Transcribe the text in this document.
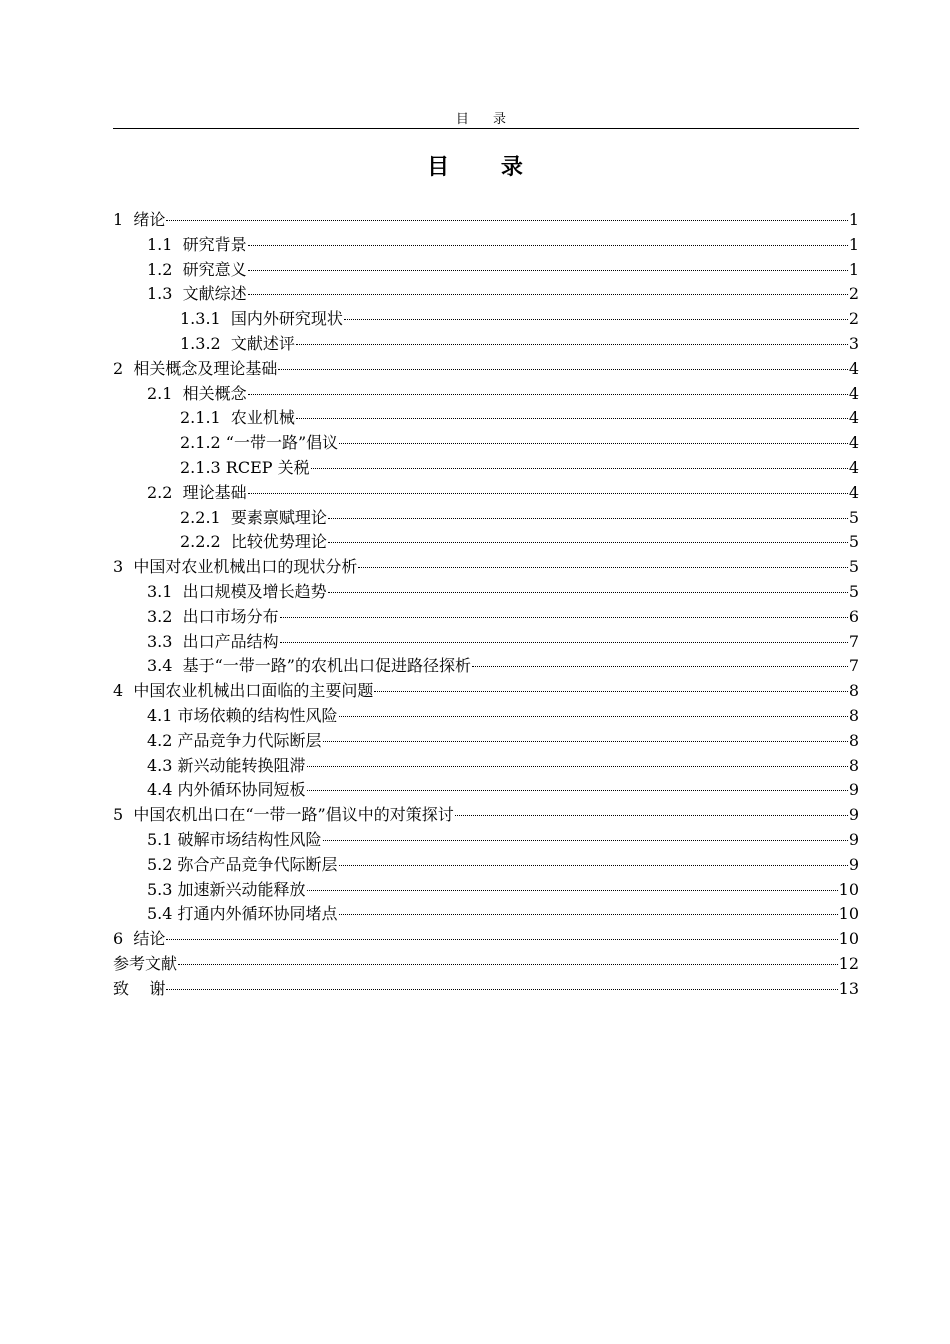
目 录
目 录
1  绪论	1
1.1  研究背景	1
1.2  研究意义	1
1.3  文献综述	2
1.3.1  国内外研究现状	2
1.3.2  文献述评	3
2  相关概念及理论基础	4
2.1  相关概念	4
2.1.1  农业机械	4
2.1.2 “一带一路”倡议	4
2.1.3 RCEP 关税	4
2.2  理论基础	4
2.2.1  要素禀赋理论	5
2.2.2  比较优势理论	5
3  中国对农业机械出口的现状分析	5
3.1  出口规模及增长趋势	5
3.2  出口市场分布	6
3.3  出口产品结构	7
3.4  基于“一带一路”的农机出口促进路径探析	7
4  中国农业机械出口面临的主要问题	8
4.1 市场依赖的结构性风险	8
4.2 产品竞争力代际断层	8
4.3 新兴动能转换阻滞	8
4.4 内外循环协同短板	9
5  中国农机出口在“一带一路”倡议中的对策探讨	9
5.1 破解市场结构性风险	9
5.2 弥合产品竞争代际断层	9
5.3 加速新兴动能释放	10
5.4 打通内外循环协同堵点	10
6  结论	10
参考文献	12
致    谢	13
